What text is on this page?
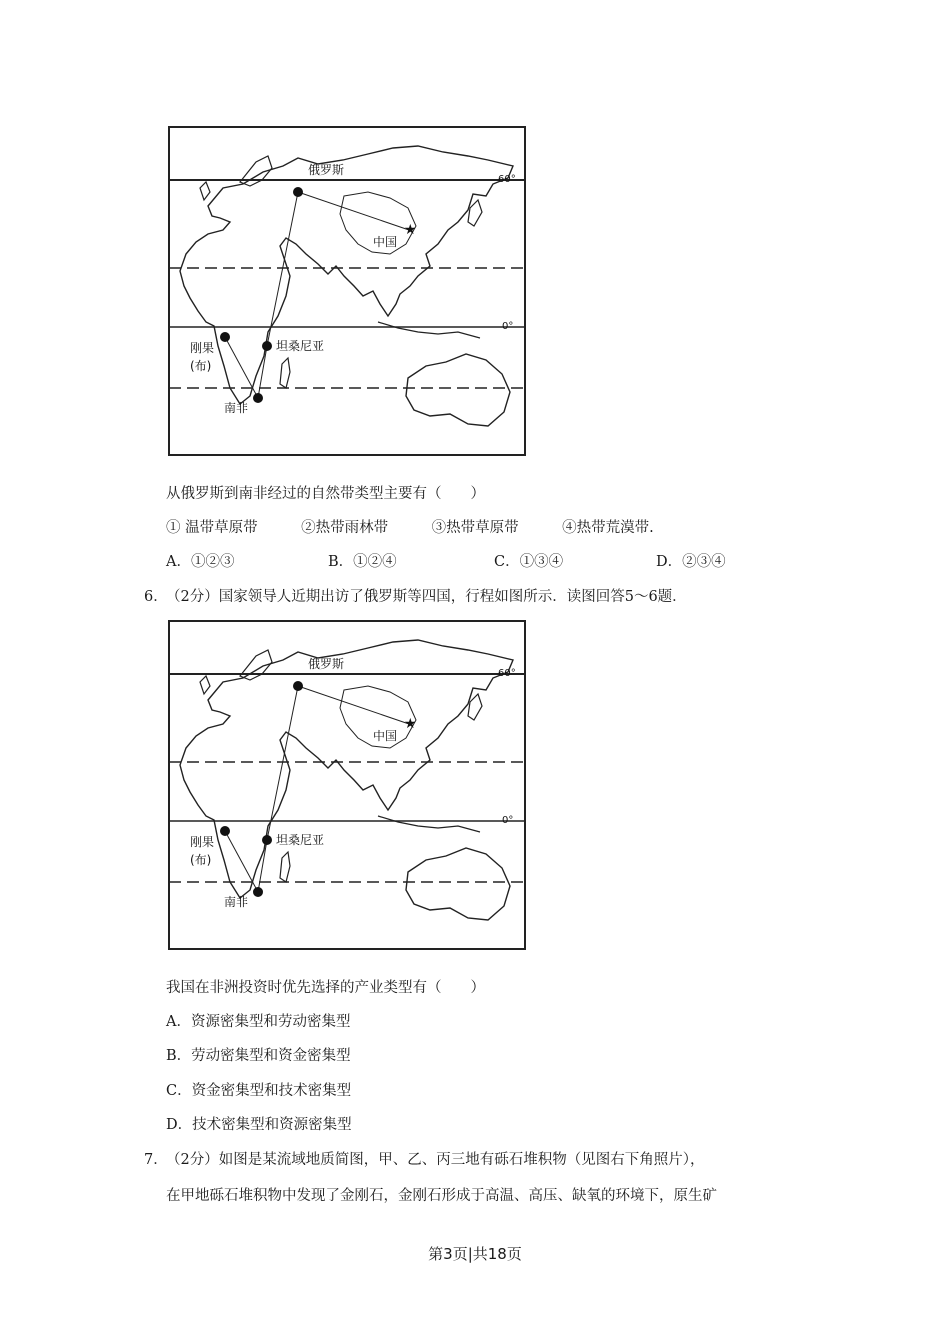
★
俄罗斯
中国
刚果
(布)
坦桑尼亚
南非
60°
0°
从俄罗斯到南非经过的自然带类型主要有（　　）
① 温带草原带　　　②热带雨林带　　　③热带草原带　　　④热带荒漠带.
A．①②③	B．①②④	C．①③④	D．②③④
6．
（2分）国家领导人近期出访了俄罗斯等四国，行程如图所示．读图回答5～6题．
★
俄罗斯
中国
刚果
(布)
坦桑尼亚
南非
60°
0°
我国在非洲投资时优先选择的产业类型有（　　）
A．资源密集型和劳动密集型
B．劳动密集型和资金密集型
C．资金密集型和技术密集型
D．技术密集型和资源密集型
7．
（2分）如图是某流域地质简图，甲、乙、丙三地有砾石堆积物（见图右下角照片），
在甲地砾石堆积物中发现了金刚石，金刚石形成于高温、高压、缺氧的环境下，原生矿
第3页|共18页
